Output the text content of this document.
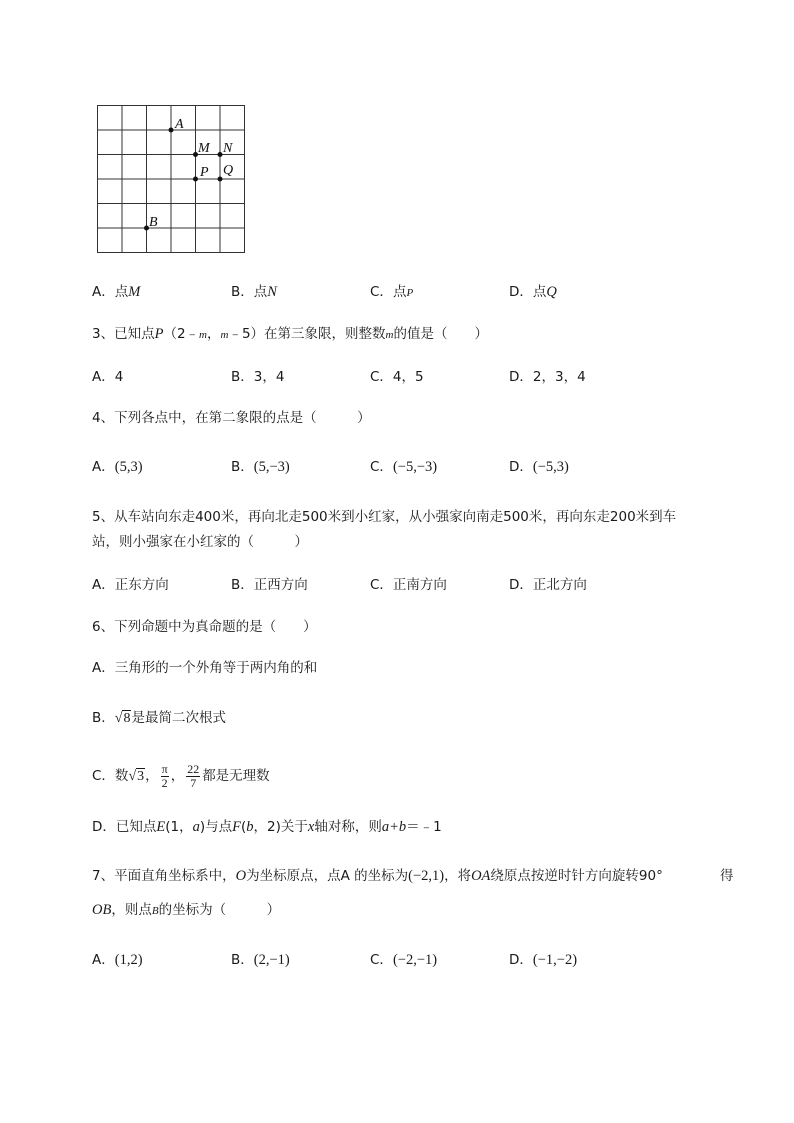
A
M N
P Q
B
A．点M	B．点N	C．点P	D．点Q
3、已知点P（2﹣m，m﹣5）在第三象限，则整数m的值是（　　）
A．4	B．3，4	C．4，5	D．2，3，4
4、下列各点中，在第二象限的点是（　　　）
A．(5,3)	B．(5,−3)	C．(−5,−3)	D．(−5,3)
5、从车站向东走400米，再向北走500米到小红家，从小强家向南走500米，再向东走200米到车
站，则小强家在小红家的（　　　）
A．正东方向	B．正西方向	C．正南方向	D．正北方向
6、下列命题中为真命题的是（　　）
A．三角形的一个外角等于两内角的和
B．√8是最简二次根式
C．数√3， $\frac{\pi}{2}$ ， $\frac{22}{7}$ 都是无理数
D．已知点E(1，a)与点F(b，2)关于x轴对称，则a+b＝﹣1
7、平面直角坐标系中，O为坐标原点，点A 的坐标为(−2,1)，将OA绕原点按逆时针方向旋转90°	得
OB，则点B的坐标为（　　　）
A．(1,2)	B．(2,−1)	C．(−2,−1)	D．(−1,−2)
